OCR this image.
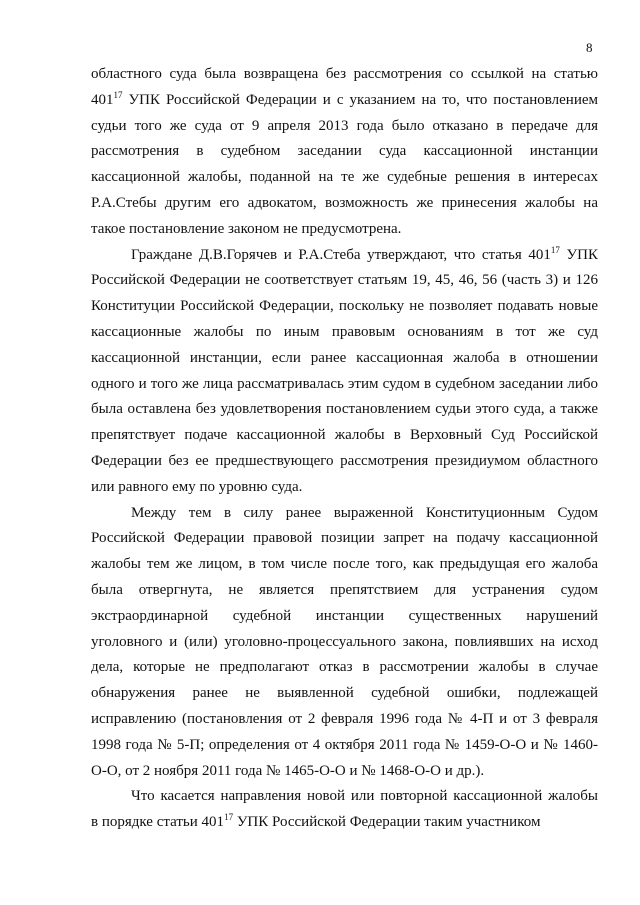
8

областного суда была возвращена без рассмотрения со ссылкой на статью
$401^{17}$ УПК Российской Федерации и с указанием на то, что постановлением
судьи того же суда от 9 апреля 2013 года было отказано в передаче для
рассмотрения в судебном заседании суда кассационной инстанции
кассационной жалобы, поданной на те же судебные решения в интересах
Р.А.Стебы другим его адвокатом, возможность же принесения жалобы на
такое постановление законом не предусмотрена.

Граждане Д.В.Горячев и Р.А.Стеба утверждают, что статья $401^{17}$ УПК
Российской Федерации не соответствует статьям 19, 45, 46, 56 (часть 3) и 126
Конституции Российской Федерации, поскольку не позволяет подавать новые
кассационные жалобы по иным правовым основаниям в тот же суд
кассационной инстанции, если ранее кассационная жалоба в отношении
одного и того же лица рассматривалась этим судом в судебном заседании либо
была оставлена без удовлетворения постановлением судьи этого суда, а также
препятствует подаче кассационной жалобы в Верховный Суд Российской
Федерации без ее предшествующего рассмотрения президиумом областного
или равного ему по уровню суда.

Между тем в силу ранее выраженной Конституционным Судом
Российской Федерации правовой позиции запрет на подачу кассационной
жалобы тем же лицом, в том числе после того, как предыдущая его жалоба
была отвергнута, не является препятствием для устранения судом
экстраординарной судебной инстанции существенных нарушений
уголовного и (или) уголовно-процессуального закона, повлиявших на исход
дела, которые не предполагают отказ в рассмотрении жалобы в случае
обнаружения ранее не выявленной судебной ошибки, подлежащей
исправлению (постановления от 2 февраля 1996 года № 4-П и от 3 февраля
1998 года № 5-П; определения от 4 октября 2011 года № 1459-О-О и № 1460-
О-О, от 2 ноября 2011 года № 1465-О-О и № 1468-О-О и др.).

Что касается направления новой или повторной кассационной жалобы
в порядке статьи $401^{17}$ УПК Российской Федерации таким участником
